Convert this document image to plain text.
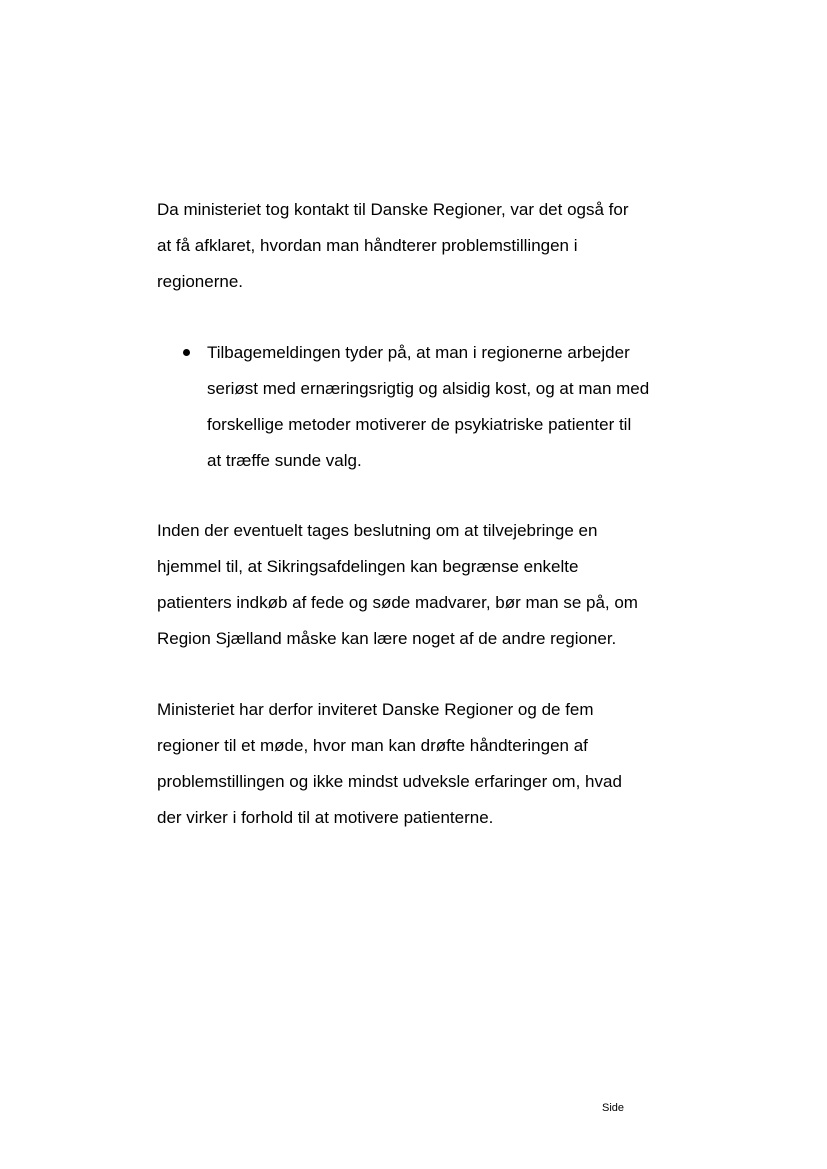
Da ministeriet tog kontakt til Danske Regioner, var det også for
at få afklaret, hvordan man håndterer problemstillingen i
regionerne.

Tilbagemeldingen tyder på, at man i regionerne arbejder
seriøst med ernæringsrigtig og alsidig kost, og at man med
forskellige metoder motiverer de psykiatriske patienter til
at træffe sunde valg.

Inden der eventuelt tages beslutning om at tilvejebringe en
hjemmel til, at Sikringsafdelingen kan begrænse enkelte
patienters indkøb af fede og søde madvarer, bør man se på, om
Region Sjælland måske kan lære noget af de andre regioner.

Ministeriet har derfor inviteret Danske Regioner og de fem
regioner til et møde, hvor man kan drøfte håndteringen af
problemstillingen og ikke mindst udveksle erfaringer om, hvad
der virker i forhold til at motivere patienterne.

Side
